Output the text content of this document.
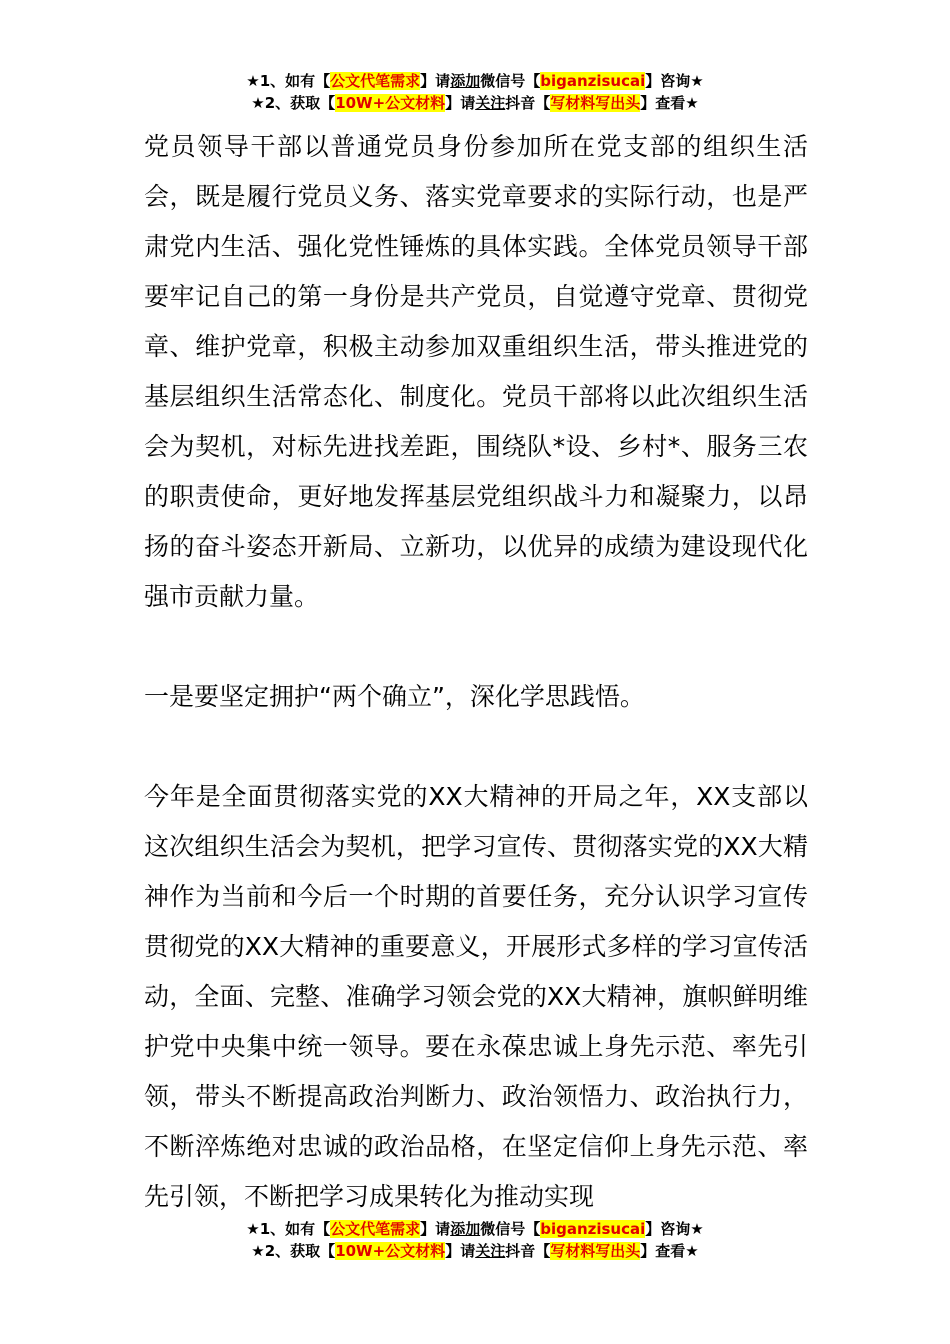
★1、如有【公文代笔需求】请添加微信号【biganzisucai】咨询★
★2、获取【10W+公文材料】请关注抖音【写材料写出头】查看★

党员领导干部以普通党员身份参加所在党支部的组织生活会，既是履行党员义务、落实党章要求的实际行动，也是严肃党内生活、强化党性锤炼的具体实践。全体党员领导干部要牢记自己的第一身份是共产党员，自觉遵守党章、贯彻党章、维护党章，积极主动参加双重组织生活，带头推进党的基层组织生活常态化、制度化。党员干部将以此次组织生活会为契机，对标先进找差距，围绕队*设、乡村*、服务三农的职责使命，更好地发挥基层党组织战斗力和凝聚力，以昂扬的奋斗姿态开新局、立新功，以优异的成绩为建设现代化强市贡献力量。

一是要坚定拥护“两个确立”，深化学思践悟。

今年是全面贯彻落实党的XX大精神的开局之年，XX支部以这次组织生活会为契机，把学习宣传、贯彻落实党的XX大精神作为当前和今后一个时期的首要任务，充分认识学习宣传贯彻党的XX大精神的重要意义，开展形式多样的学习宣传活动，全面、完整、准确学习领会党的XX大精神，旗帜鲜明维护党中央集中统一领导。要在永葆忠诚上身先示范、率先引领，带头不断提高政治判断力、政治领悟力、政治执行力，不断淬炼绝对忠诚的政治品格，在坚定信仰上身先示范、率先引领，不断把学习成果转化为推动实现

★1、如有【公文代笔需求】请添加微信号【biganzisucai】咨询★
★2、获取【10W+公文材料】请关注抖音【写材料写出头】查看★
